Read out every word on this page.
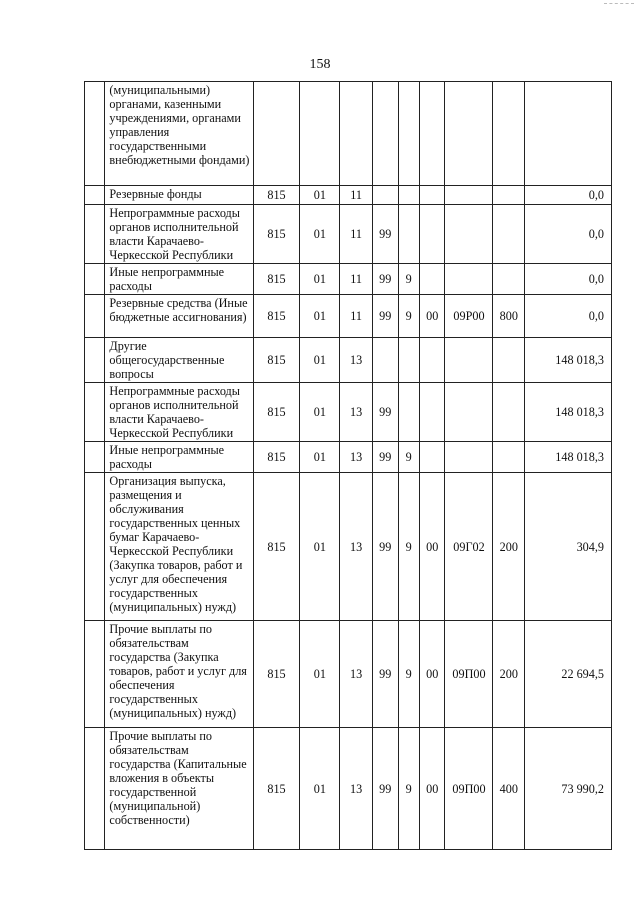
158
	(муниципальными) органами, казенными учреждениями, органами управления государственными внебюджетными фондами)									
	Резервные фонды	815	01	11						0,0
	Непрограммные расходы органов исполнительной власти Карачаево-Черкесской Республики	815	01	11	99					0,0
	Иные непрограммные расходы	815	01	11	99	9				0,0
	Резервные средства (Иные бюджетные ассигнования)	815	01	11	99	9	00	09Р00	800	0,0
	Другие общегосударственные вопросы	815	01	13						148 018,3
	Непрограммные расходы органов исполнительной власти Карачаево-Черкесской Республики	815	01	13	99					148 018,3
	Иные непрограммные расходы	815	01	13	99	9				148 018,3
	Организация выпуска, размещения и обслуживания государственных ценных бумаг Карачаево-Черкесской Республики (Закупка товаров, работ и услуг для обеспечения государственных (муниципальных) нужд)	815	01	13	99	9	00	09Г02	200	304,9
	Прочие выплаты по обязательствам государства (Закупка товаров, работ и услуг для обеспечения государственных (муниципальных) нужд)	815	01	13	99	9	00	09П00	200	22 694,5
	Прочие выплаты по обязательствам государства (Капитальные вложения в объекты государственной (муниципальной) собственности)	815	01	13	99	9	00	09П00	400	73 990,2
